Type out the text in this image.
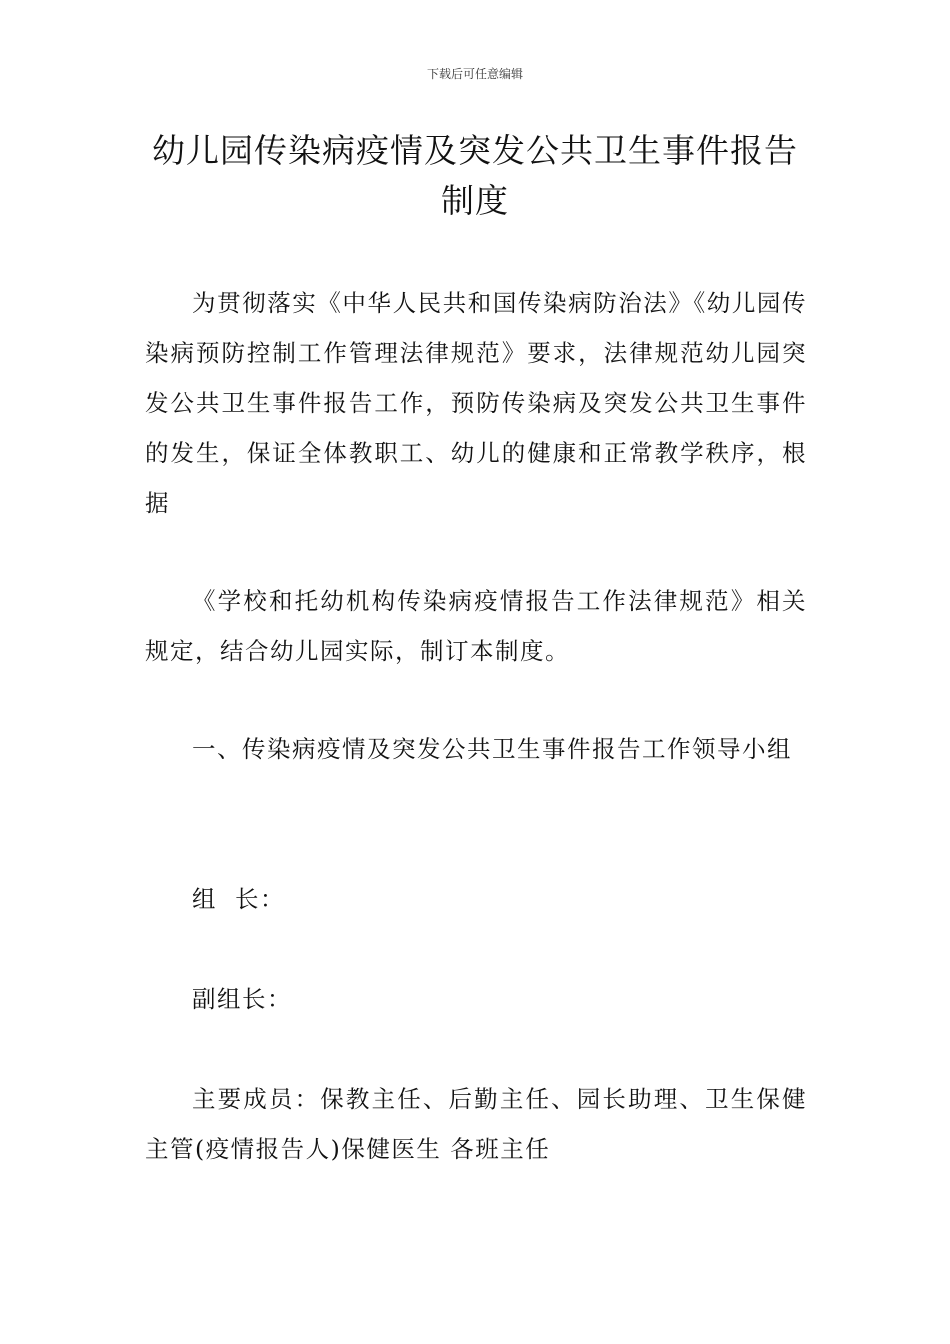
下载后可任意编辑
幼儿园传染病疫情及突发公共卫生事件报告制度

为贯彻落实《中华人民共和国传染病防治法》《幼儿园传染病预防控制工作管理法律规范》要求，法律规范幼儿园突发公共卫生事件报告工作，预防传染病及突发公共卫生事件的发生，保证全体教职工、幼儿的健康和正常教学秩序，根据

《学校和托幼机构传染病疫情报告工作法律规范》相关规定，结合幼儿园实际，制订本制度。

一、传染病疫情及突发公共卫生事件报告工作领导小组

组  长：

副组长：

主要成员：保教主任、后勤主任、园长助理、卫生保健主管(疫情报告人)保健医生 各班主任
